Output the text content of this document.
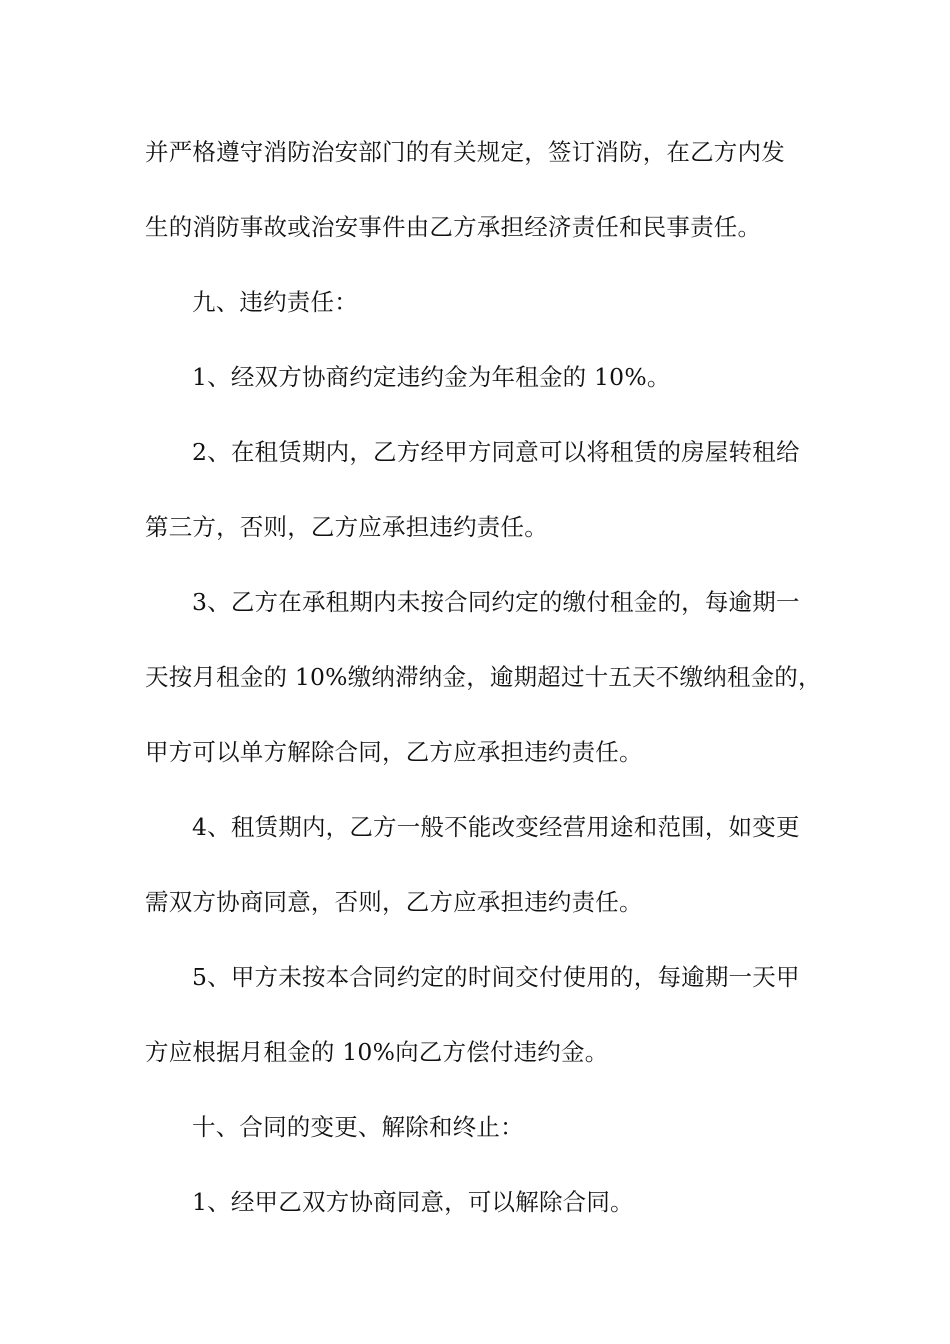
并严格遵守消防治安部门的有关规定，签订消防，在乙方内发
生的消防事故或治安事件由乙方承担经济责任和民事责任。
九、违约责任：
1、经双方协商约定违约金为年租金的 10%。
2、在租赁期内，乙方经甲方同意可以将租赁的房屋转租给
第三方，否则，乙方应承担违约责任。
3、乙方在承租期内未按合同约定的缴付租金的，每逾期一
天按月租金的 10%缴纳滞纳金，逾期超过十五天不缴纳租金的，
甲方可以单方解除合同，乙方应承担违约责任。
4、租赁期内，乙方一般不能改变经营用途和范围，如变更
需双方协商同意，否则，乙方应承担违约责任。
5、甲方未按本合同约定的时间交付使用的，每逾期一天甲
方应根据月租金的 10%向乙方偿付违约金。
十、合同的变更、解除和终止：
1、经甲乙双方协商同意，可以解除合同。
